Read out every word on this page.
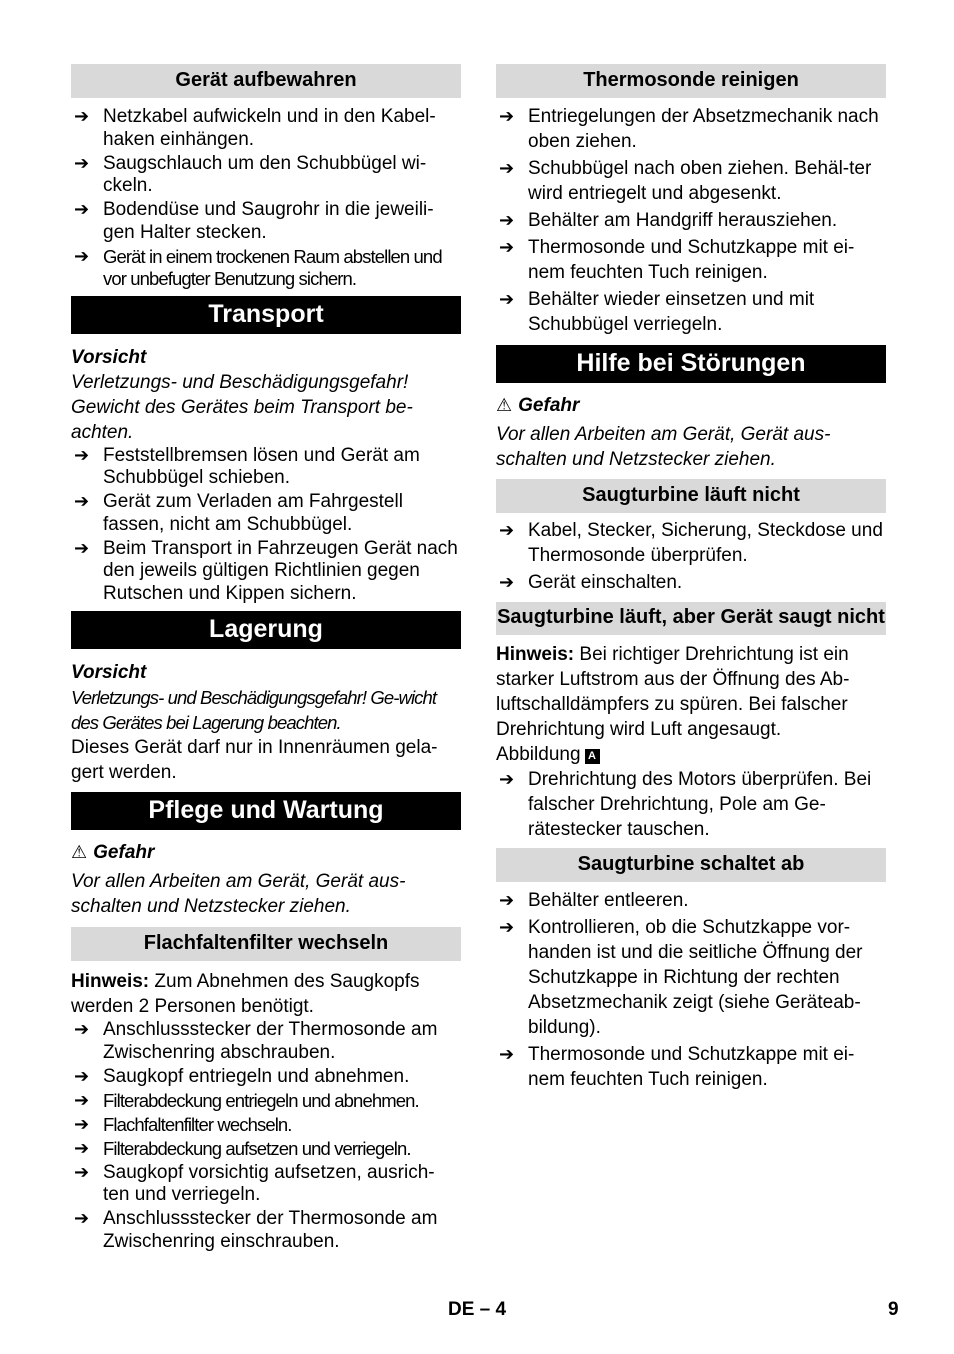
Gerät aufbewahren
➔ Netzkabel aufwickeln und in den Kabel-haken einhängen.
➔ Saugschlauch um den Schubbügel wi-ckeln.
➔ Bodendüse und Saugrohr in die jeweili-gen Halter stecken.
➔ Gerät in einem trockenen Raum abstellen und vor unbefugter Benutzung sichern.
Transport

Vorsicht

Verletzungs- und Beschädigungsgefahr! Gewicht des Gerätes beim Transport be-achten.

➔ Feststellbremsen lösen und Gerät am Schubbügel schieben.
➔ Gerät zum Verladen am Fahrgestell fassen, nicht am Schubbügel.
➔ Beim Transport in Fahrzeugen Gerät nach den jeweils gültigen Richtlinien gegen Rutschen und Kippen sichern.
Lagerung

Vorsicht

Verletzungs- und Beschädigungsgefahr! Ge-wicht des Gerätes bei Lagerung beachten.

Dieses Gerät darf nur in Innenräumen gela-gert werden.

Pflege und Wartung

⚠ Gefahr

Vor allen Arbeiten am Gerät, Gerät aus-schalten und Netzstecker ziehen.

Flachfaltenfilter wechseln

Hinweis: Zum Abnehmen des Saugkopfs werden 2 Personen benötigt.

➔ Anschlussstecker der Thermosonde am Zwischenring abschrauben.
➔ Saugkopf entriegeln und abnehmen.
➔ Filterabdeckung entriegeln und abnehmen.
➔ Flachfaltenfilter wechseln.
➔ Filterabdeckung aufsetzen und verriegeln.
➔ Saugkopf vorsichtig aufsetzen, ausrich-ten und verriegeln.
➔ Anschlussstecker der Thermosonde am Zwischenring einschrauben.
Thermosonde reinigen
➔ Entriegelungen der Absetzmechanik nach oben ziehen.
➔ Schubbügel nach oben ziehen. Behäl-ter wird entriegelt und abgesenkt.
➔ Behälter am Handgriff herausziehen.
➔ Thermosonde und Schutzkappe mit ei-nem feuchten Tuch reinigen.
➔ Behälter wieder einsetzen und mit Schubbügel verriegeln.
Hilfe bei Störungen

⚠ Gefahr

Vor allen Arbeiten am Gerät, Gerät aus-schalten und Netzstecker ziehen.

Saugturbine läuft nicht
➔ Kabel, Stecker, Sicherung, Steckdose und Thermosonde überprüfen.
➔ Gerät einschalten.
Saugturbine läuft, aber Gerät saugt nicht

Hinweis: Bei richtiger Drehrichtung ist ein starker Luftstrom aus der Öffnung des Ab-luftschalldämpfers zu spüren. Bei falscher Drehrichtung wird Luft angesaugt.

Abbildung A

➔ Drehrichtung des Motors überprüfen. Bei falscher Drehrichtung, Pole am Ge-rätestecker tauschen.
Saugturbine schaltet ab
➔ Behälter entleeren.
➔ Kontrollieren, ob die Schutzkappe vor-handen ist und die seitliche Öffnung der Schutzkappe in Richtung der rechten Absetzmechanik zeigt (siehe Geräteab-bildung).
➔ Thermosonde und Schutzkappe mit ei-nem feuchten Tuch reinigen.
DE – 4	9
